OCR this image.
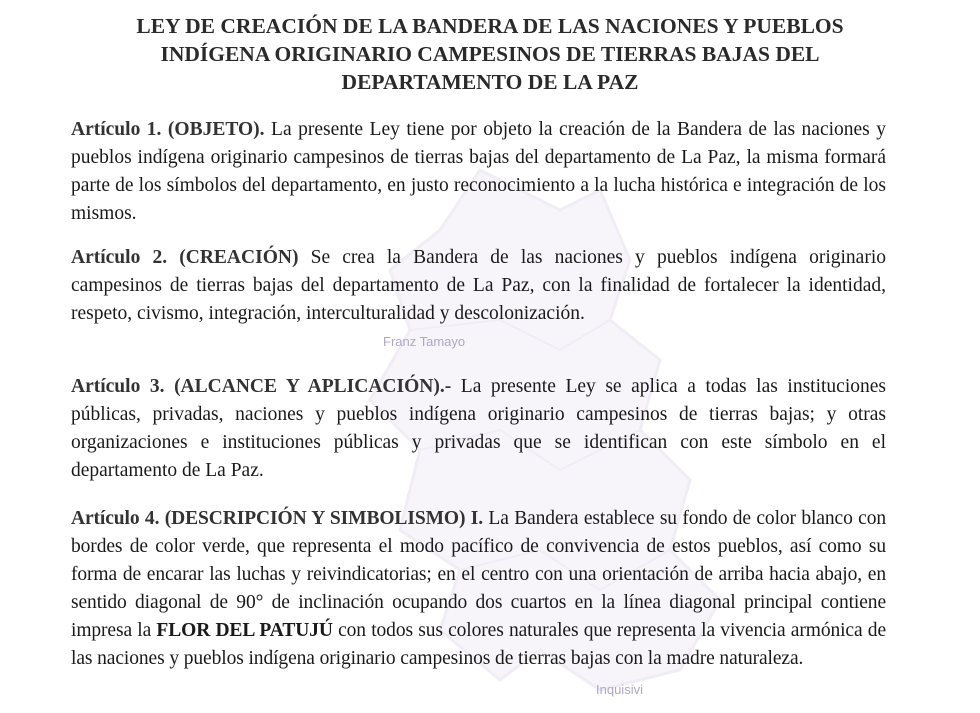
Franz Tamayo
Inquisivi
LEY DE CREACIÓN DE LA BANDERA DE LAS NACIONES Y PUEBLOS
INDÍGENA ORIGINARIO CAMPESINOS DE TIERRAS BAJAS DEL
DEPARTAMENTO DE LA PAZ
Artículo 1. (OBJETO). La presente Ley tiene por objeto la creación de la Bandera de las naciones y pueblos indígena originario campesinos de tierras bajas del departamento de La Paz, la misma formará parte de los símbolos del departamento, en justo reconocimiento a la lucha histórica e integración de los mismos.
Artículo 2. (CREACIÓN) Se crea la Bandera de las naciones y pueblos indígena originario campesinos de tierras bajas del departamento de La Paz, con la finalidad de fortalecer la identidad, respeto, civismo, integración, interculturalidad y descolonización.
Artículo 3. (ALCANCE Y APLICACIÓN).- La presente Ley se aplica a todas las instituciones públicas, privadas, naciones y pueblos indígena originario campesinos de tierras bajas; y otras organizaciones e instituciones públicas y privadas que se identifican con este símbolo en el departamento de La Paz.
Artículo 4. (DESCRIPCIÓN Y SIMBOLISMO) I. La Bandera establece su fondo de color blanco con bordes de color verde, que representa el modo pacífico de convivencia de estos pueblos, así como su forma de encarar las luchas y reivindicatorias; en el centro con una orientación de arriba hacia abajo, en sentido diagonal de 90° de inclinación ocupando dos cuartos en la línea diagonal principal contiene impresa la FLOR DEL PATUJÚ con todos sus colores naturales que representa la vivencia armónica de las naciones y pueblos indígena originario campesinos de tierras bajas con la madre naturaleza.
